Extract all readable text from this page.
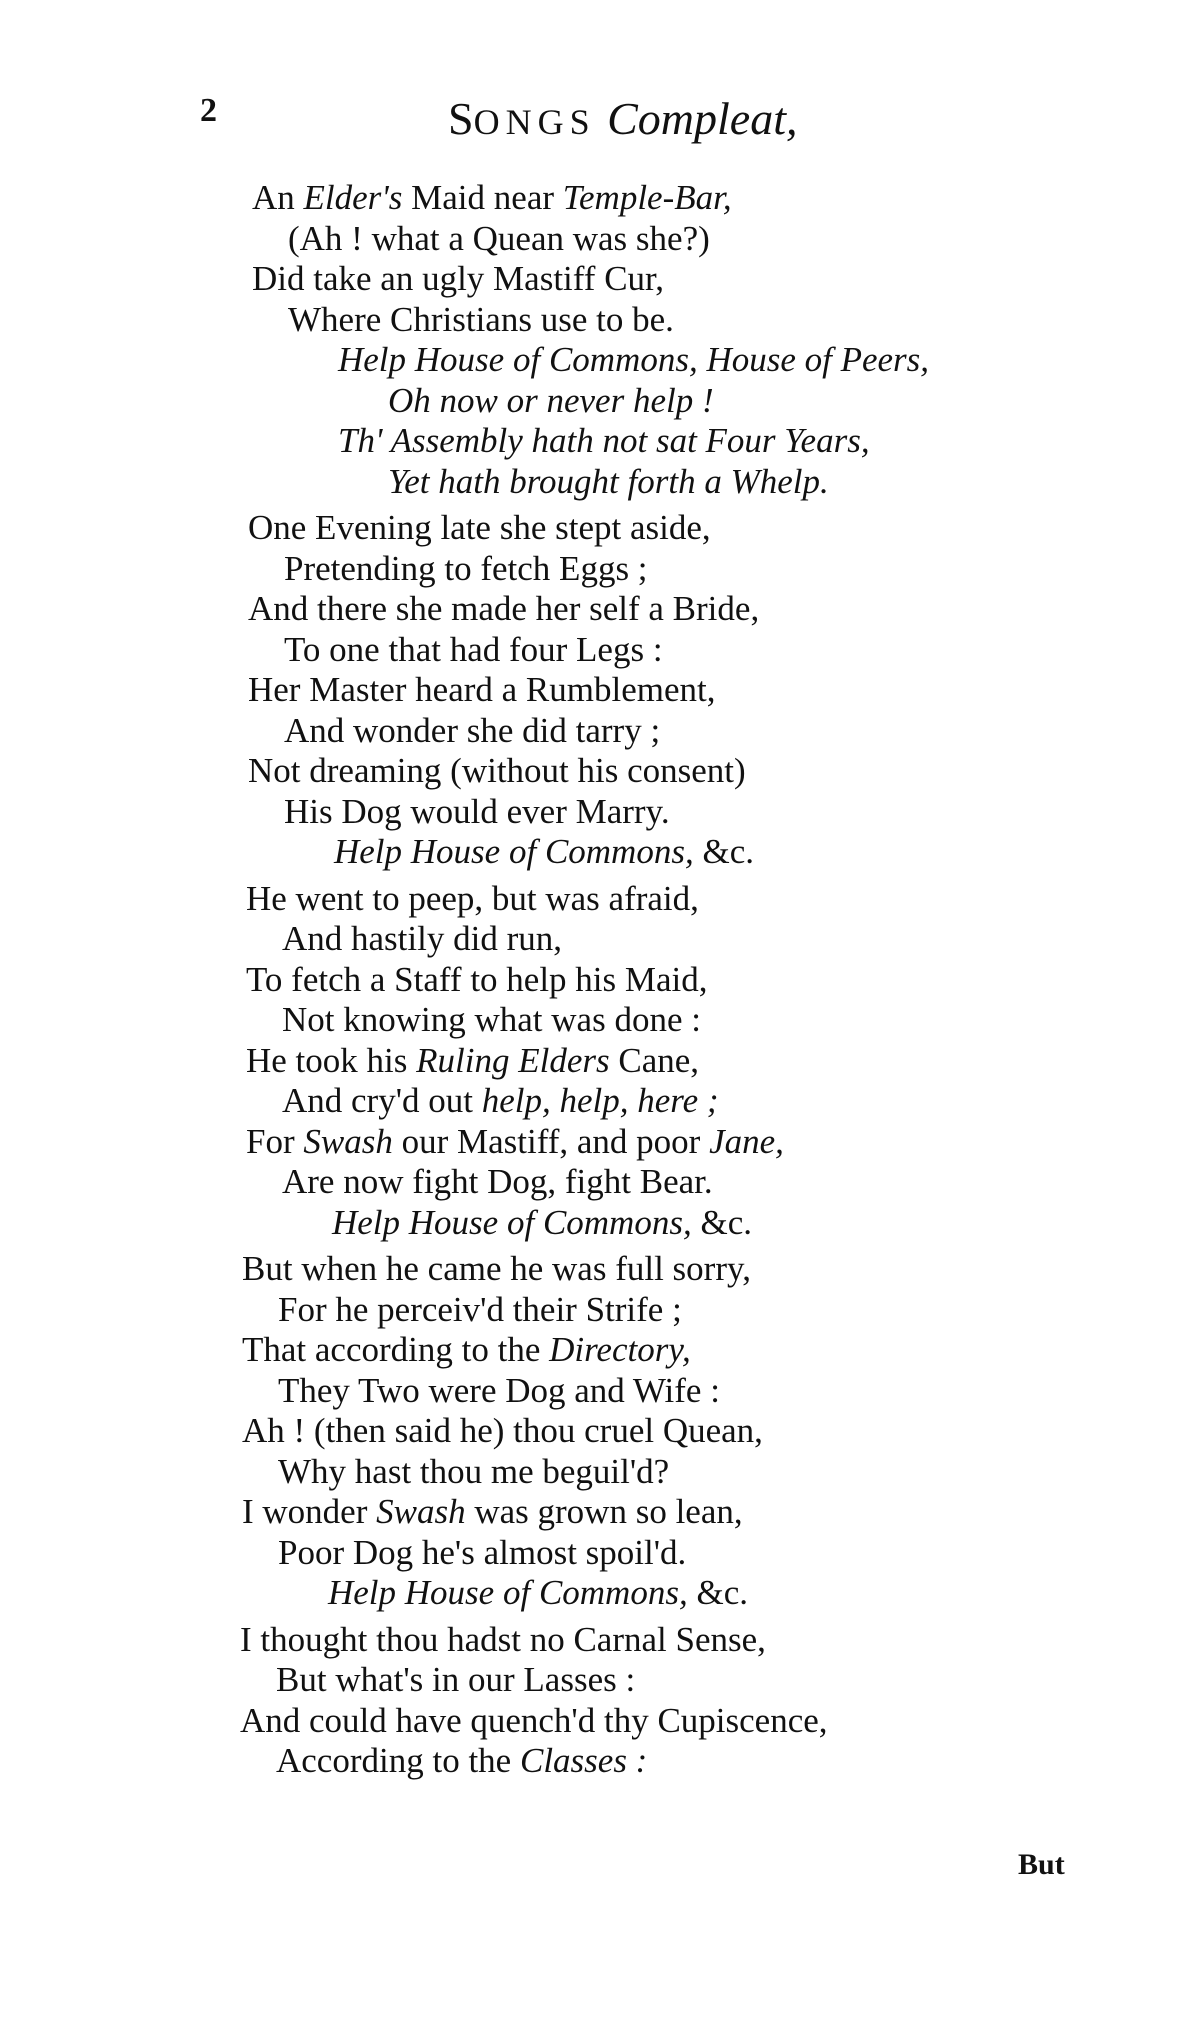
2	SONGS Compleat,
An Elder's Maid near Temple-Bar,
(Ah ! what a Quean was she?)
Did take an ugly Mastiff Cur,
Where Christians use to be.
Help House of Commons, House of Peers,
Oh now or never help !
Th' Assembly hath not sat Four Years,
Yet hath brought forth a Whelp.
One Evening late she stept aside,
Pretending to fetch Eggs ;
And there she made her self a Bride,
To one that had four Legs :
Her Master heard a Rumblement,
And wonder she did tarry ;
Not dreaming (without his consent)
His Dog would ever Marry.
Help House of Commons, &c.
He went to peep, but was afraid,
And hastily did run,
To fetch a Staff to help his Maid,
Not knowing what was done :
He took his Ruling Elders Cane,
And cry'd out help, help, here ;
For Swash our Mastiff, and poor Jane,
Are now fight Dog, fight Bear.
Help House of Commons, &c.
But when he came he was full sorry,
For he perceiv'd their Strife ;
That according to the Directory,
They Two were Dog and Wife :
Ah ! (then said he) thou cruel Quean,
Why hast thou me beguil'd?
I wonder Swash was grown so lean,
Poor Dog he's almost spoil'd.
Help House of Commons, &c.
I thought thou hadst no Carnal Sense,
But what's in our Lasses :
And could have quench'd thy Cupiscence,
According to the Classes :
But
